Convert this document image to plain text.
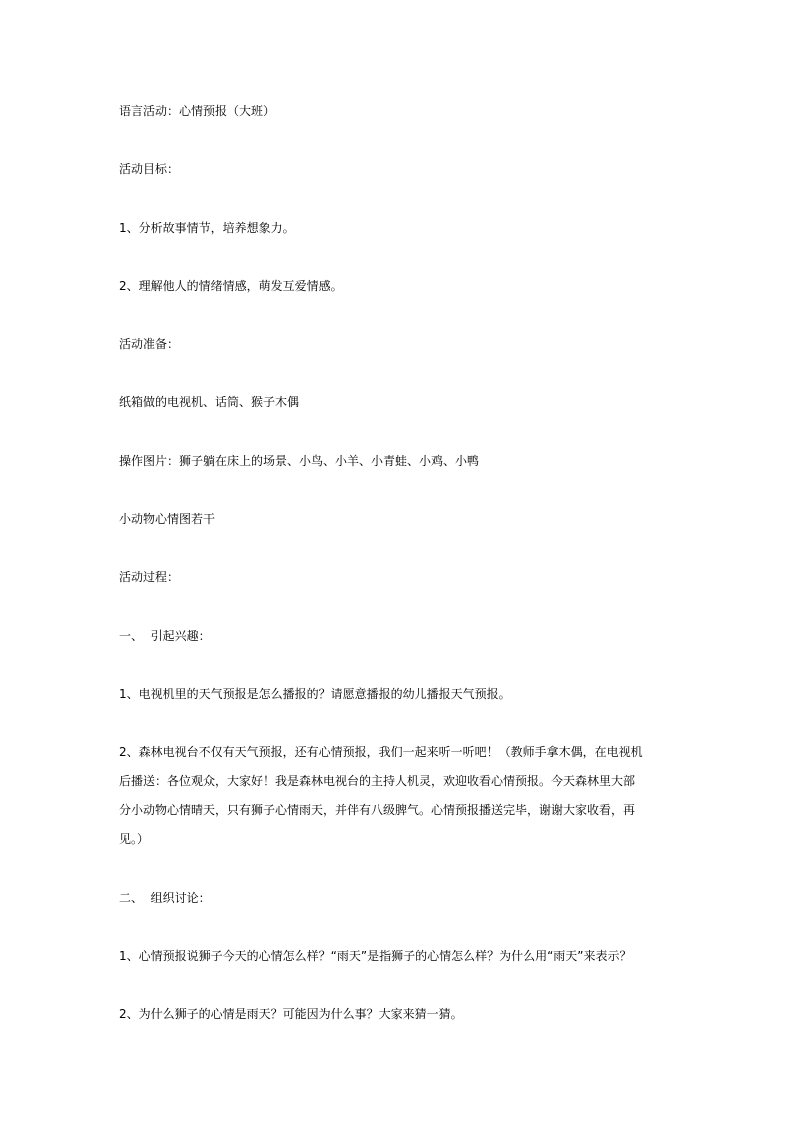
语言活动：心情预报（大班）

活动目标：

1、分析故事情节，培养想象力。

2、理解他人的情绪情感，萌发互爱情感。

活动准备：

纸箱做的电视机、话筒、猴子木偶

操作图片：狮子躺在床上的场景、小鸟、小羊、小青蛙、小鸡、小鸭

小动物心情图若干

活动过程：

一、  引起兴趣：

1、电视机里的天气预报是怎么播报的？请愿意播报的幼儿播报天气预报。

2、森林电视台不仅有天气预报，还有心情预报，我们一起来听一听吧！（教师手拿木偶，在电视机后播送：各位观众，大家好！我是森林电视台的主持人机灵，欢迎收看心情预报。今天森林里大部分小动物心情晴天，只有狮子心情雨天，并伴有八级脾气。心情预报播送完毕，谢谢大家收看，再见。）

二、  组织讨论：

1、心情预报说狮子今天的心情怎么样？“雨天”是指狮子的心情怎么样？为什么用“雨天”来表示？

2、为什么狮子的心情是雨天？可能因为什么事？大家来猜一猜。
